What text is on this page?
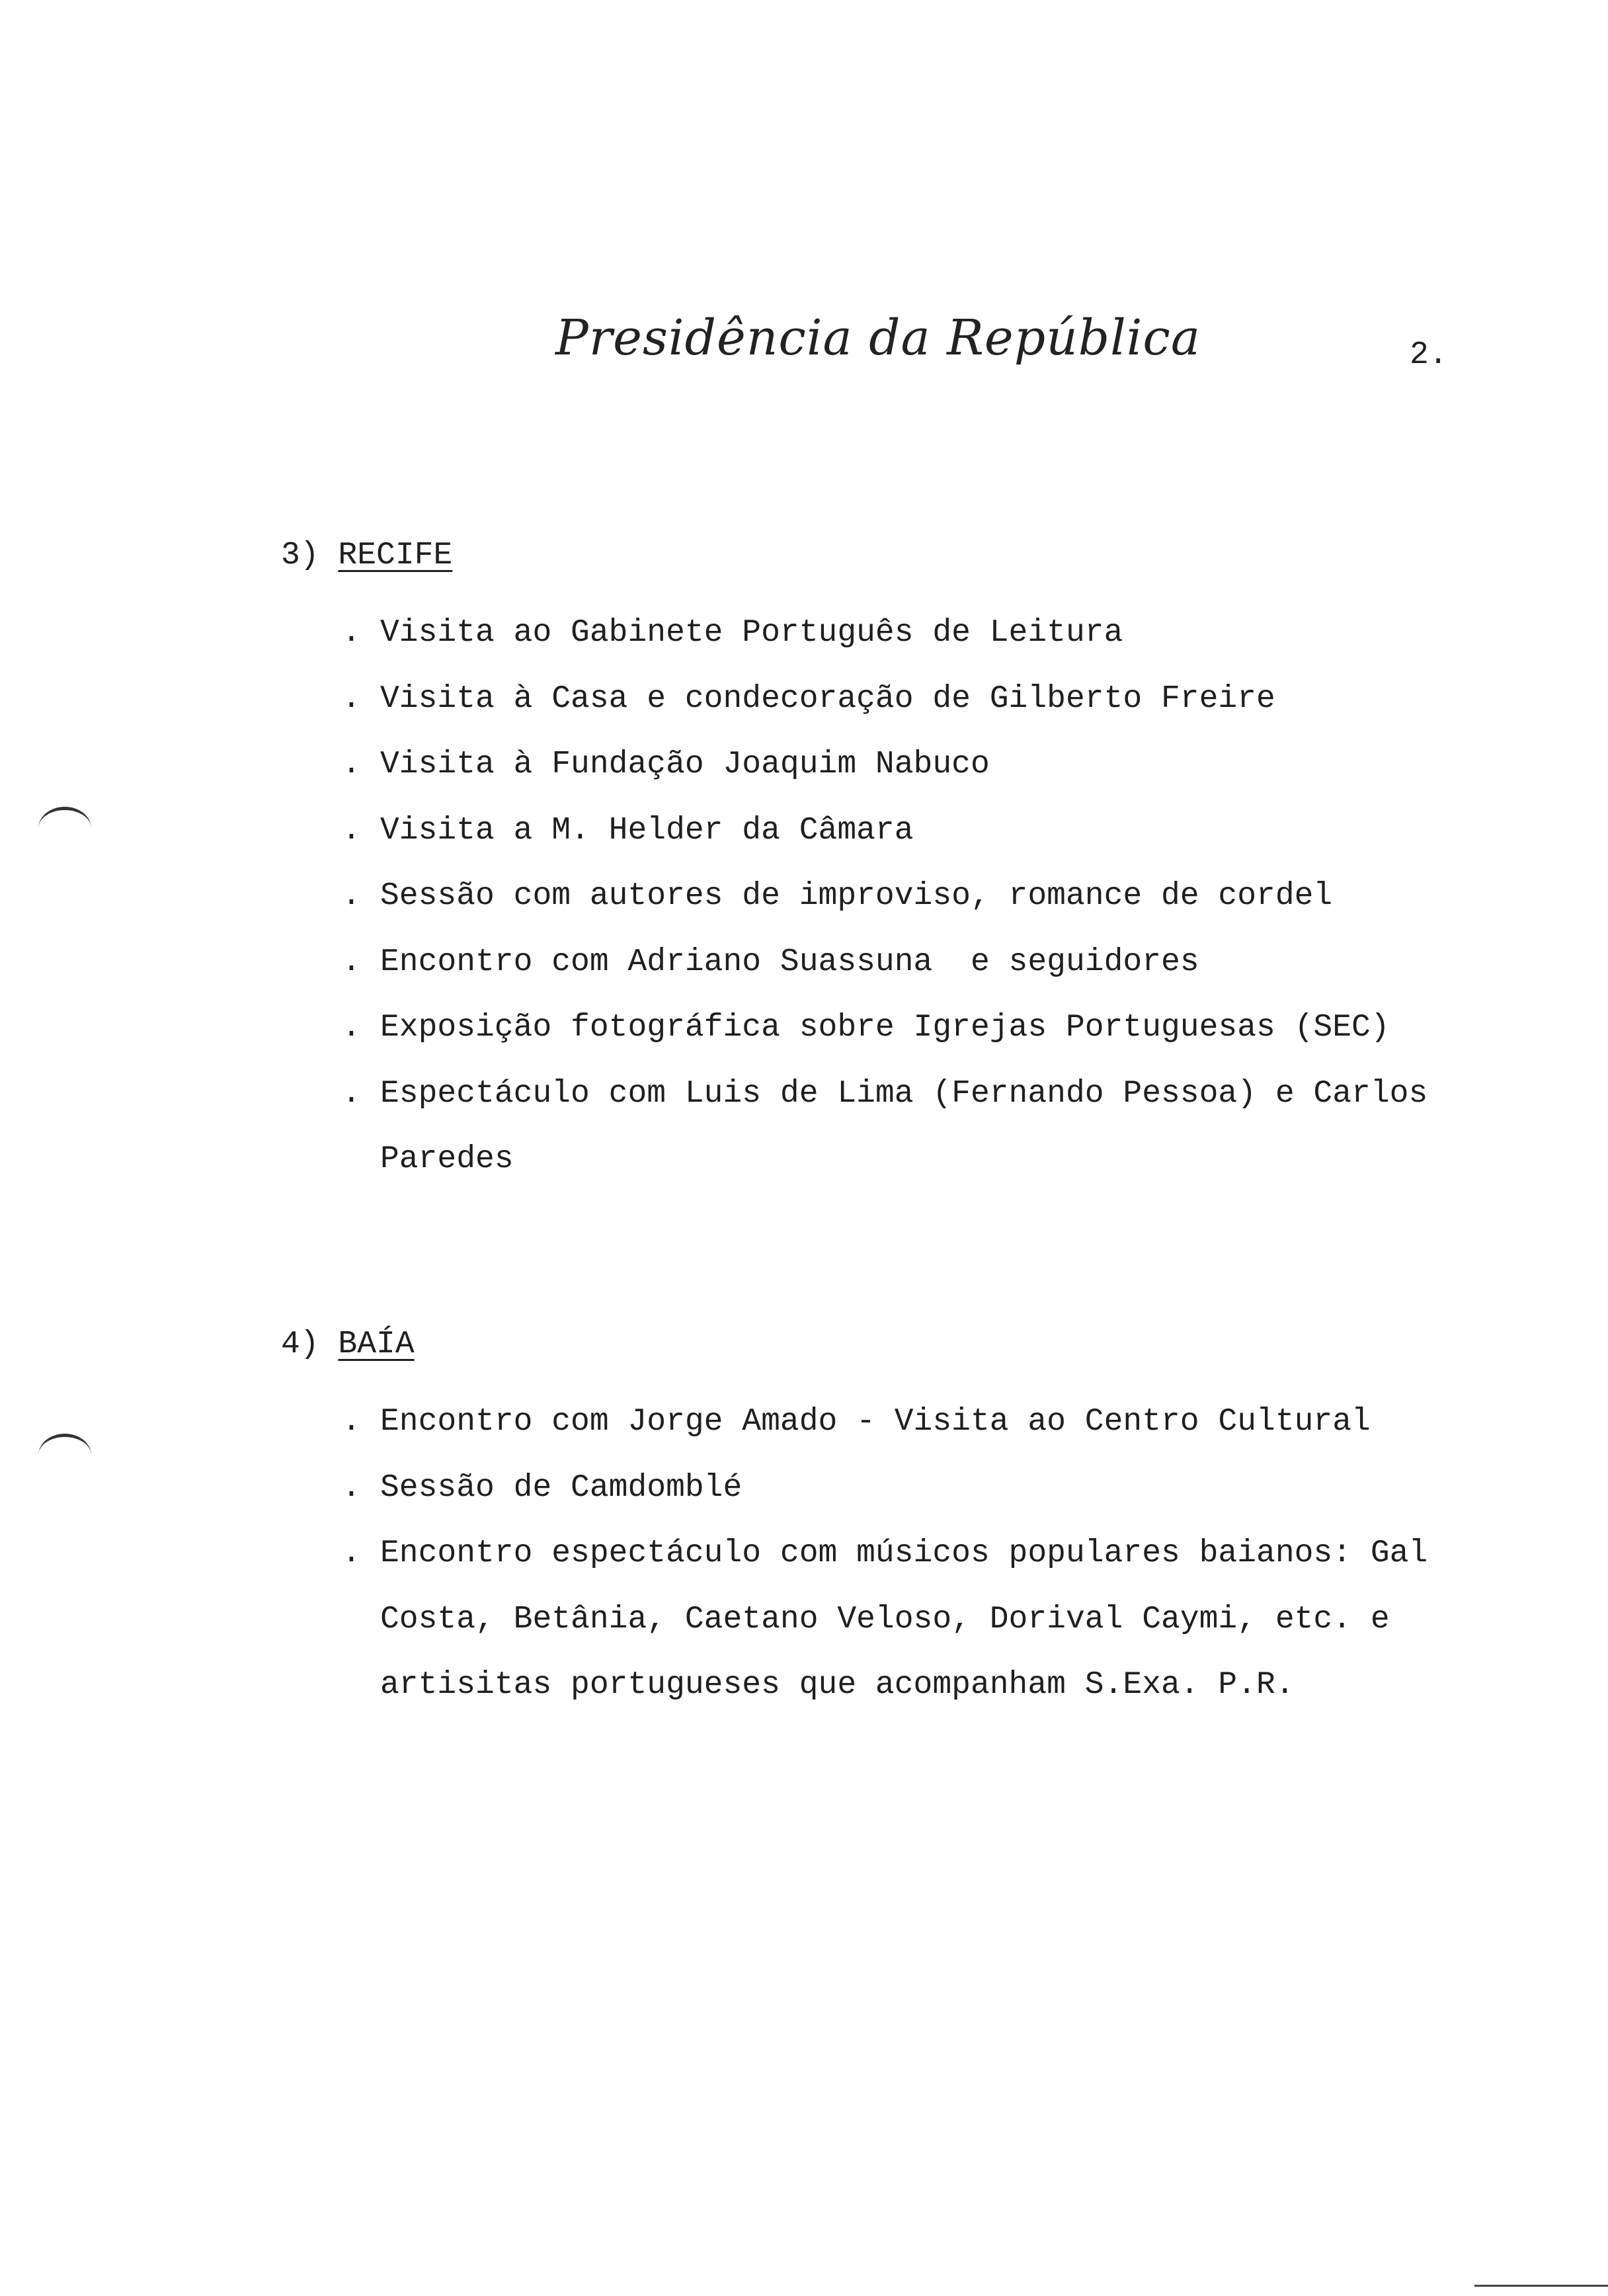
Presidência da República	2.
3) RECIFE
. Visita ao Gabinete Português de Leitura
. Visita à Casa e condecoração de Gilberto Freire
. Visita à Fundação Joaquim Nabuco
. Visita a M. Helder da Câmara
. Sessão com autores de improviso, romance de cordel
. Encontro com Adriano Suassuna  e seguidores
. Exposição fotográfica sobre Igrejas Portuguesas (SEC)
. Espectáculo com Luis de Lima (Fernando Pessoa) e Carlos Paredes
4) BAÍA
. Encontro com Jorge Amado - Visita ao Centro Cultural
. Sessão de Camdomblé
. Encontro espectáculo com músicos populares baianos: Gal Costa, Betânia, Caetano Veloso, Dorival Caymi, etc. e artisitas portugueses que acompanham S.Exa. P.R.
